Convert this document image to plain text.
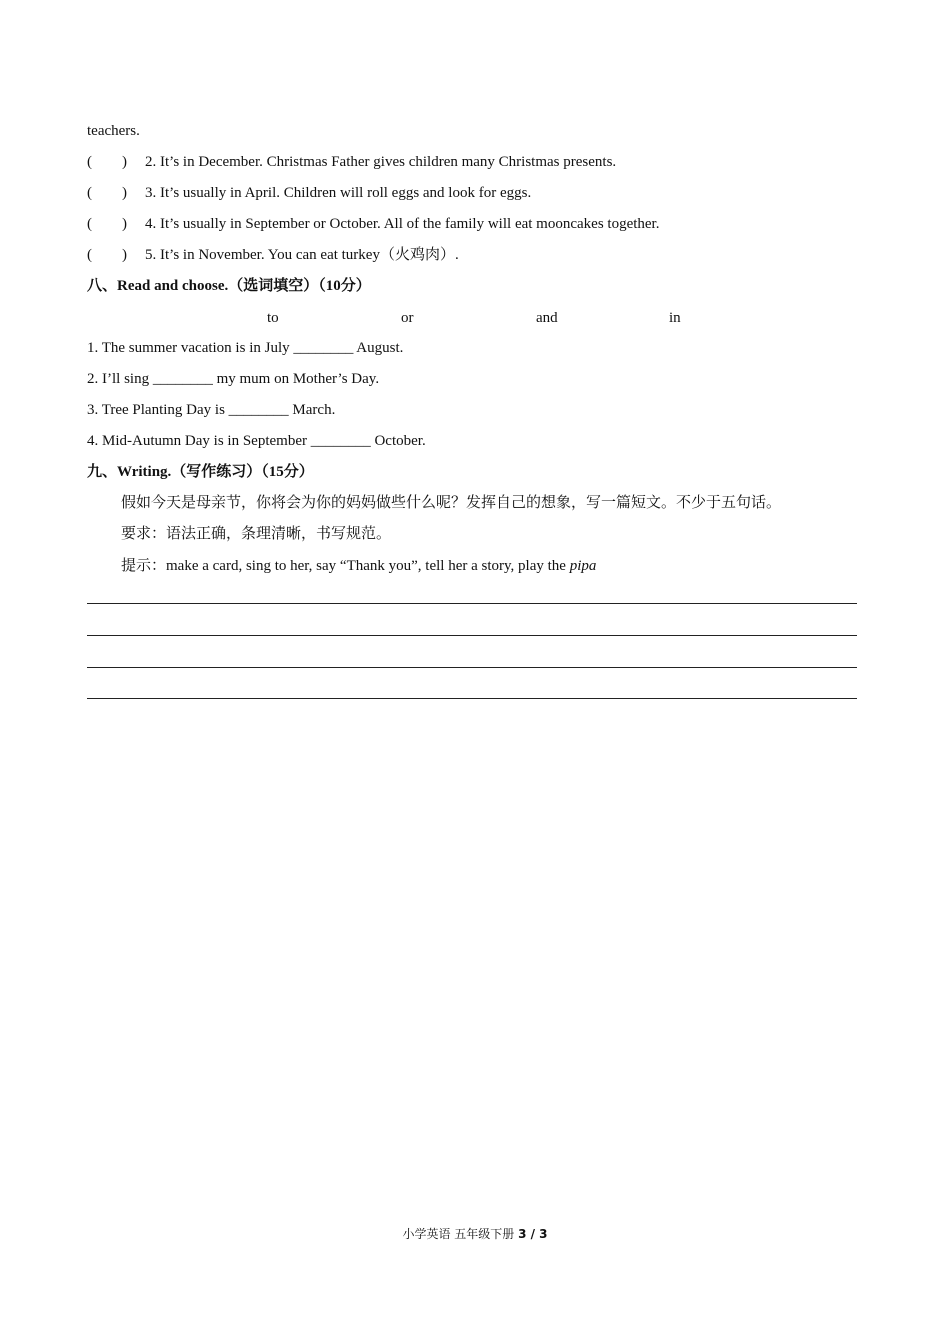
teachers.
(　　) 2. It’s in December. Christmas Father gives children many Christmas presents.
(　　) 3. It’s usually in April. Children will roll eggs and look for eggs.
(　　) 4. It’s usually in September or October. All of the family will eat mooncakes together.
(　　) 5. It’s in November. You can eat turkey（火鸡肉）.
八、Read and choose.（选词填空）（10分）
to	or	and	in
1. The summer vacation is in July ________ August.
2. I’ll sing ________ my mum on Mother’s Day.
3. Tree Planting Day is ________ March.
4. Mid-Autumn Day is in September ________ October.
九、Writing.（写作练习）（15分）
假如今天是母亲节，你将会为你的妈妈做些什么呢？发挥自己的想象，写一篇短文。不少于五句话。
要求：语法正确，条理清晰，书写规范。
提示：make a card, sing to her, say “Thank you”, tell her a story, play the pipa
小学英语 五年级下册 3 / 3
